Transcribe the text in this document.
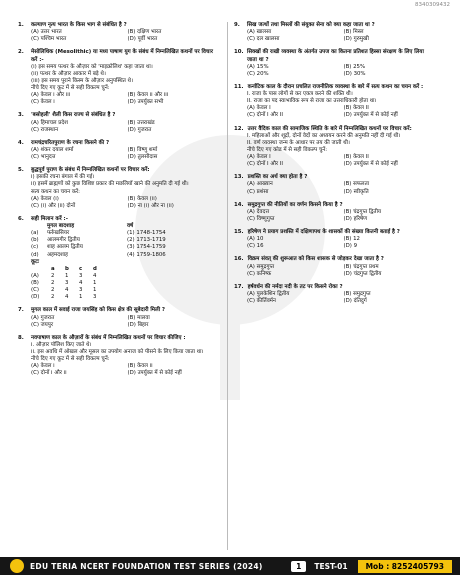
8340309432
1.	कल्याण नृत्य भारत के किस भाग से संबंधित है ?
(A) उत्तर भारत	(B) दक्षिण भारत
(C) पश्चिम भारत	(D) पूर्वी भारत
2.	मेसोलिथिक (Mesolithic) या मध्य पाषाण युग के संबंध में निम्नलिखित कथनों पर विचार करें :-
(i) इस समय पत्थर के औज़ार को 'माइक्रोलिथ' कहा जाता था।
(ii) पत्थर के औज़ार आकार में बड़े थे।
(iii) इस समय पुराने किस्म के औज़ार अनुपस्थित थे।
नीचे दिए गए कूट में से सही विकल्प चुनें:
(A) केवल i और iii	(B) केवल ii और iii
(C) केवल i	(D) उपर्युक्त सभी
3.	'बसोहली' शैली किस राज्य से संबंधित है ?
(A) हिमाचल प्रदेश	(B) उत्तराखंड
(C) राजस्थान	(D) गुजरात
4.	रामचंद्रचरितपुराण के रचना किसने की ?
(A) शंकर दयाल शर्मा	(B) विष्णु शर्मा
(C) भानुदत्त	(D) तुलसीदास
5.	बुद्धपूर्व पुराण के संबंध में निम्नलिखित कथनों पर विचार करें:
i) इसकी रचना बंगाल में की गई।
ii) इसमें ब्राह्मणों को कुछ विशिष्ट प्रकार की मछलियाँ खाने की अनुमति दी गई थी।
सत्य कथन का चयन करें:
(A) केवल (i)	(B) केवल (ii)
(C) (i) और (ii) दोनों	(D) ना (i) और ना (ii)
6.	सही मिलान करें :-
मुगल बादशाह	वर्ष
(a)	फर्रुखसियर	(1) 1748-1754
(b)	आलमगीर द्वितीय	(2) 1713-1719
(c)	शाह आलम द्वितीय	(3) 1754-1759
(d)	अहमदशाह	(4) 1759-1806
कूटः
a	b	c	d
(A)	2	1	3	4
(B)	2	3	4	1
(C)	2	4	3	1
(D)	2	4	1	3
7.	मुगल काल में सवाई राजा जयसिंह को किस क्षेत्र की सूबेदारी मिली ?
(A) गुजरात	(B) मालवा
(C) जयपुर	(D) बिहार
8.	नवपाषाण काल के औज़ारों के संबंध में निम्नलिखित कथनों पर विचार कीजिए :
i. औज़ार पॉलिश किए जाते थे।
ii. इस अवधि में ओखल और मूसल का उपयोग अनाज को पीसने के लिए किया जाता था।
नीचे दिए गए कूट में से सही विकल्प चुनें:
(A) केवल i	(B) केवल ii
(C) दोनों i और ii	(D) उपर्युक्त में से कोई नहीं
9.	सिख जत्थों तथा मिस्लों की संयुक्त सेना को क्या कहा जाता था ?
(A) खालसा	(B) मिस्ल
(C) दल खालसा	(D) गुरुमुखी
10. सिक्खों की राखी व्यवस्था के अंतर्गत उपज का कितना प्रतिशत हिस्सा संरक्षण के लिए लिया जाता था ?
(A) 15%	(B) 25%
(C) 20%	(D) 30%
11. कर्नाटिक काल के दौरान प्रचलित राजनीतिक व्यवस्था के बारे में सत्य कथन का चयन करें :
I. राजा के पास लोगों से कर एकत्र करने की शक्ति थी।
II. राजा का पद स्वाभाविक रूप से राजा का उत्तराधिकारी होता था।
(A) केवल I	(B) केवल II
(C) दोनों I और II	(D) उपर्युक्त में से कोई नहीं
12. उत्तर वैदिक काल की सामाजिक स्थिति के बारे में निम्नलिखित कथनों पर विचार करें:
I. महिलाओं और शूद्रों, दोनों वेदों का अध्ययन करने की अनुमति नहीं दी गई थी।
II. वर्ण व्यवस्था जन्म के आधार पर तय की जाती थी।
नीचे दिए गए कोड में से सही विकल्प चुनें:
(A) केवल I	(B) केवल II
(C) दोनों I और II	(D) उपर्युक्त में से कोई नहीं
13. प्रशस्ति का अर्थ क्या होता है ?
(A) आख्यान	(B) सफलता
(C) प्रशंसा	(D) स्वीकृति
14. समुद्रगुप्त की नीतियों का वर्णन किसने किया है ?
(A) देवदत्त	(B) चंद्रगुप्त द्वितीय
(C) विष्णुगुप्त	(D) हरिषेण
15. हरिषेण ने प्रयाग प्रशस्ति में दक्षिणापथ के शासकों की संख्या कितनी बताई है ?
(A) 10	(B) 12
(C) 16	(D) 9
16. विक्रम संवत् की शुरूआत को किस शासक से जोड़कर देखा जाता है ?
(A) समुद्रगुप्त	(B) चंद्रगुप्त प्रथम
(C) कनिष्क	(D) चंद्रगुप्त द्वितीय
17. हर्षवर्धन की नर्मदा नदी के तट पर किसने रोका ?
(A) पुलकेशिन द्वितीय	(B) समुद्रगुप्त
(C) कीर्तिवर्मन	(D) दंतिदुर्ग
EDU TERIA NCERT FOUNDATION TEST SERIES (2024)	1	TEST-01	Mob : 8252405793
